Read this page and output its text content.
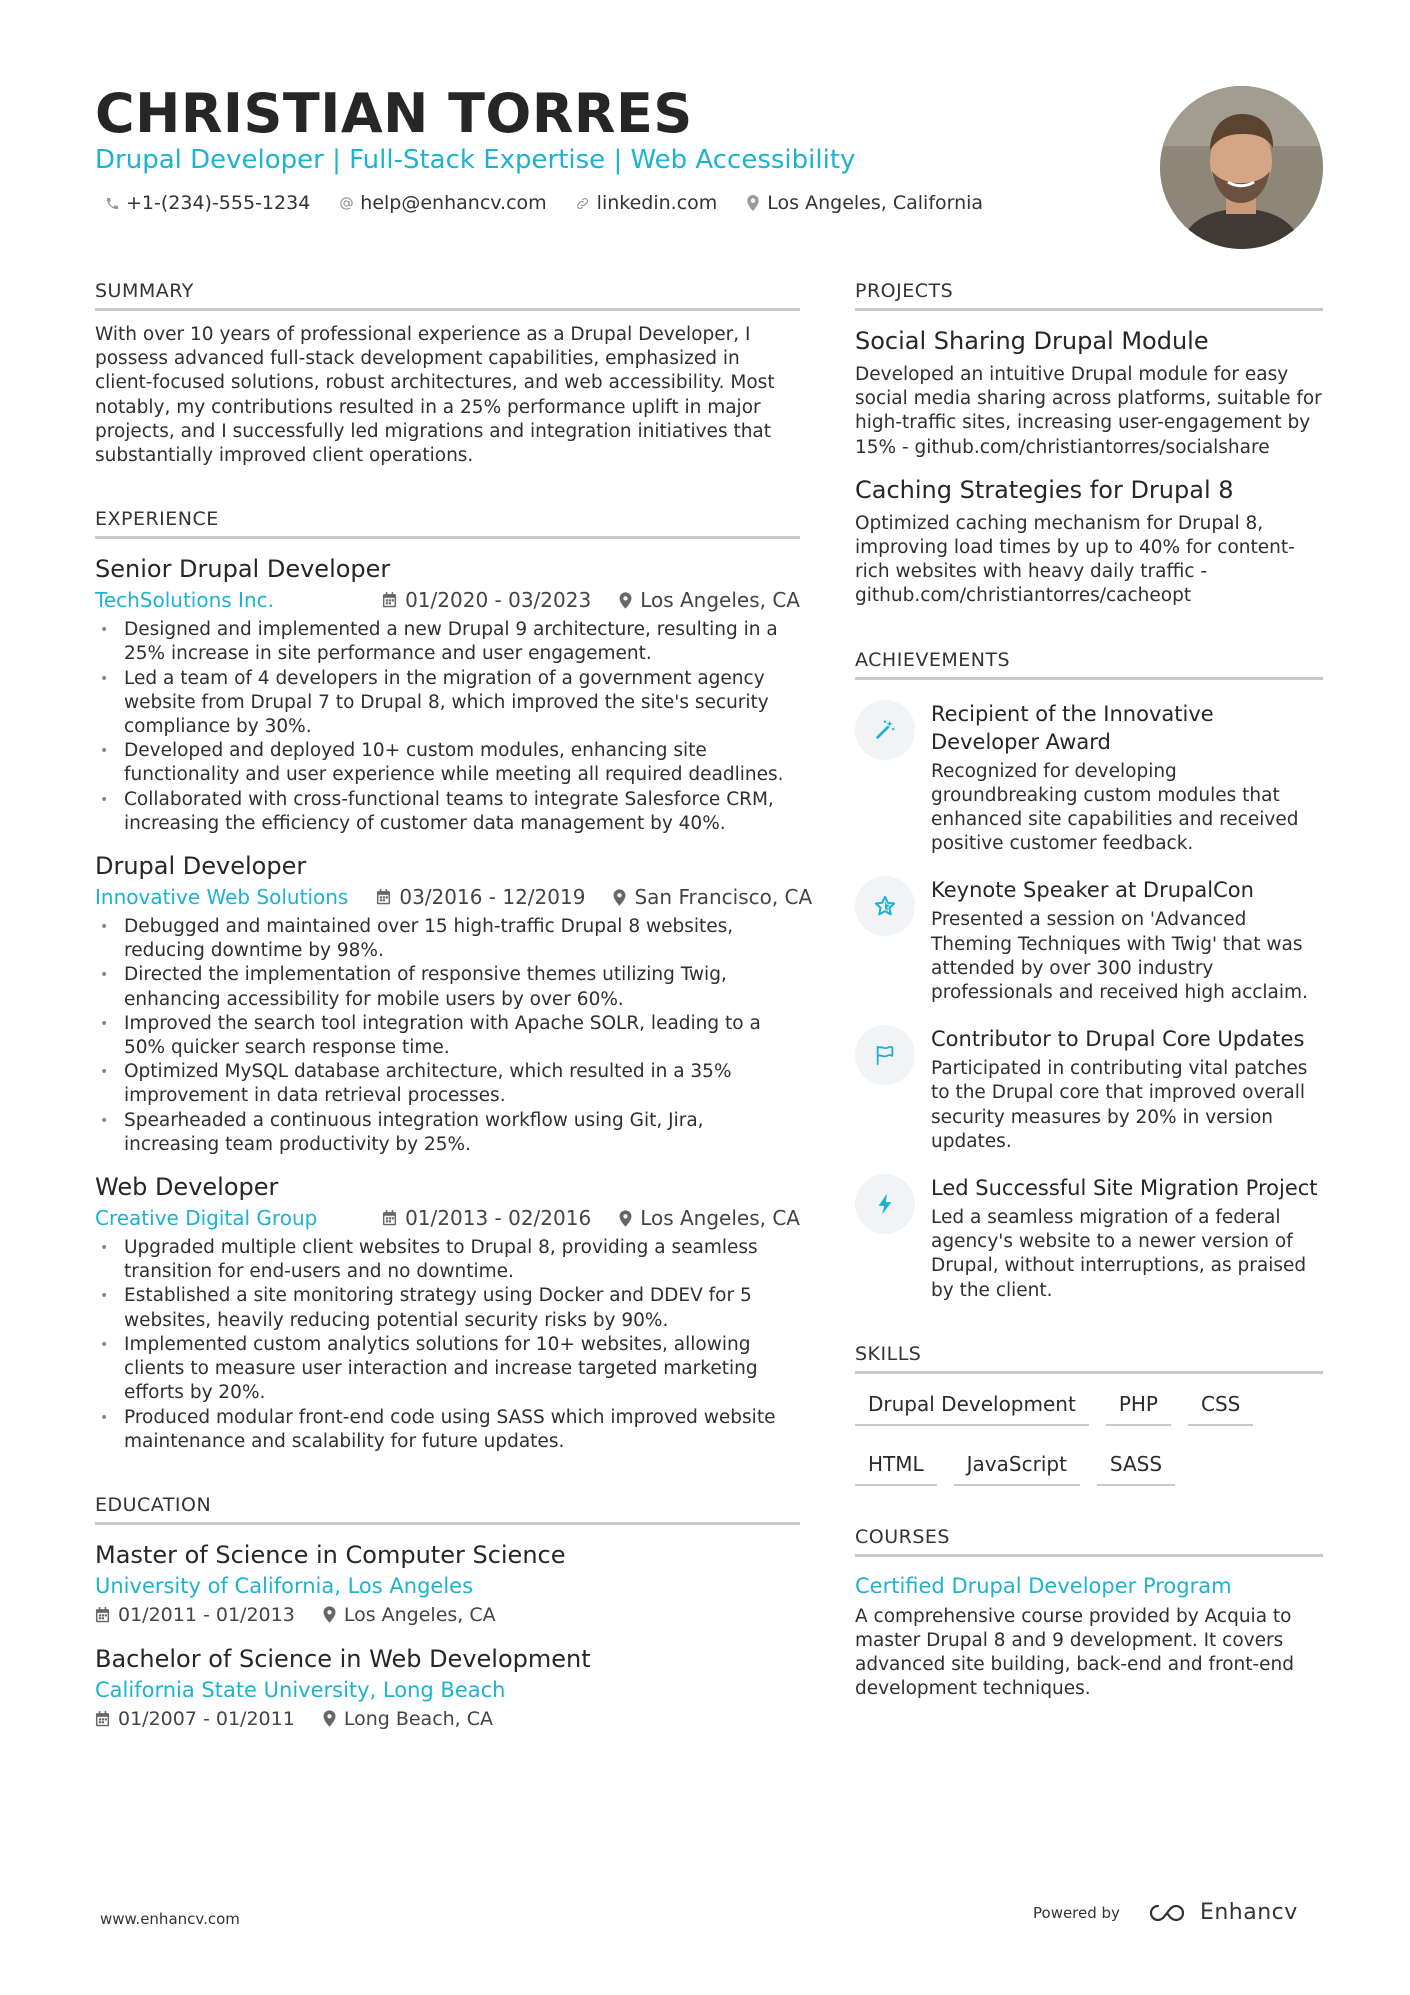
CHRISTIAN TORRES
Drupal Developer | Full-Stack Expertise | Web Accessibility
+1-(234)-555-1234	help@enhancv.com	linkedin.com	Los Angeles, California
SUMMARY

With over 10 years of professional experience as a Drupal Developer, I possess advanced full-stack development capabilities, emphasized in client-focused solutions, robust architectures, and web accessibility. Most notably, my contributions resulted in a 25% performance uplift in major projects, and I successfully led migrations and integration initiatives that substantially improved client operations.

EXPERIENCE
Senior Drupal Developer
TechSolutions Inc.	01/2020 - 03/2023 Los Angeles, CA
• Designed and implemented a new Drupal 9 architecture, resulting in a 25% increase in site performance and user engagement.
• Led a team of 4 developers in the migration of a government agency website from Drupal 7 to Drupal 8, which improved the site's security compliance by 30%.
• Developed and deployed 10+ custom modules, enhancing site functionality and user experience while meeting all required deadlines.
• Collaborated with cross-functional teams to integrate Salesforce CRM, increasing the efficiency of customer data management by 40%.
Drupal Developer
Innovative Web Solutions	03/2016 - 12/2019 San Francisco, CA
• Debugged and maintained over 15 high-traffic Drupal 8 websites, reducing downtime by 98%.
• Directed the implementation of responsive themes utilizing Twig, enhancing accessibility for mobile users by over 60%.
• Improved the search tool integration with Apache SOLR, leading to a 50% quicker search response time.
• Optimized MySQL database architecture, which resulted in a 35% improvement in data retrieval processes.
• Spearheaded a continuous integration workflow using Git, Jira, increasing team productivity by 25%.
Web Developer
Creative Digital Group	01/2013 - 02/2016 Los Angeles, CA
• Upgraded multiple client websites to Drupal 8, providing a seamless transition for end-users and no downtime.
• Established a site monitoring strategy using Docker and DDEV for 5 websites, heavily reducing potential security risks by 90%.
• Implemented custom analytics solutions for 10+ websites, allowing clients to measure user interaction and increase targeted marketing efforts by 20%.
• Produced modular front-end code using SASS which improved website maintenance and scalability for future updates.
EDUCATION
Master of Science in Computer Science
University of California, Los Angeles
01/2011 - 01/2013	Los Angeles, CA
Bachelor of Science in Web Development
California State University, Long Beach
01/2007 - 01/2011	Long Beach, CA
PROJECTS
Social Sharing Drupal Module

Developed an intuitive Drupal module for easy social media sharing across platforms, suitable for high-traffic sites, increasing user-engagement by 15% - github.com/christiantorres/socialshare

Caching Strategies for Drupal 8

Optimized caching mechanism for Drupal 8, improving load times by up to 40% for content-rich websites with heavy daily traffic - github.com/christiantorres/cacheopt

ACHIEVEMENTS
Recipient of the Innovative Developer Award

Recognized for developing groundbreaking custom modules that enhanced site capabilities and received positive customer feedback.

Keynote Speaker at DrupalCon

Presented a session on 'Advanced Theming Techniques with Twig' that was attended by over 300 industry professionals and received high acclaim.

Contributor to Drupal Core Updates

Participated in contributing vital patches to the Drupal core that improved overall security measures by 20% in version updates.

Led Successful Site Migration Project

Led a seamless migration of a federal agency's website to a newer version of Drupal, without interruptions, as praised by the client.

SKILLS
Drupal Development	PHP	CSS
HTML	JavaScript	SASS
COURSES
Certified Drupal Developer Program

A comprehensive course provided by Acquia to master Drupal 8 and 9 development. It covers advanced site building, back-end and front-end development techniques.

www.enhancv.com	Powered by	Enhancv
